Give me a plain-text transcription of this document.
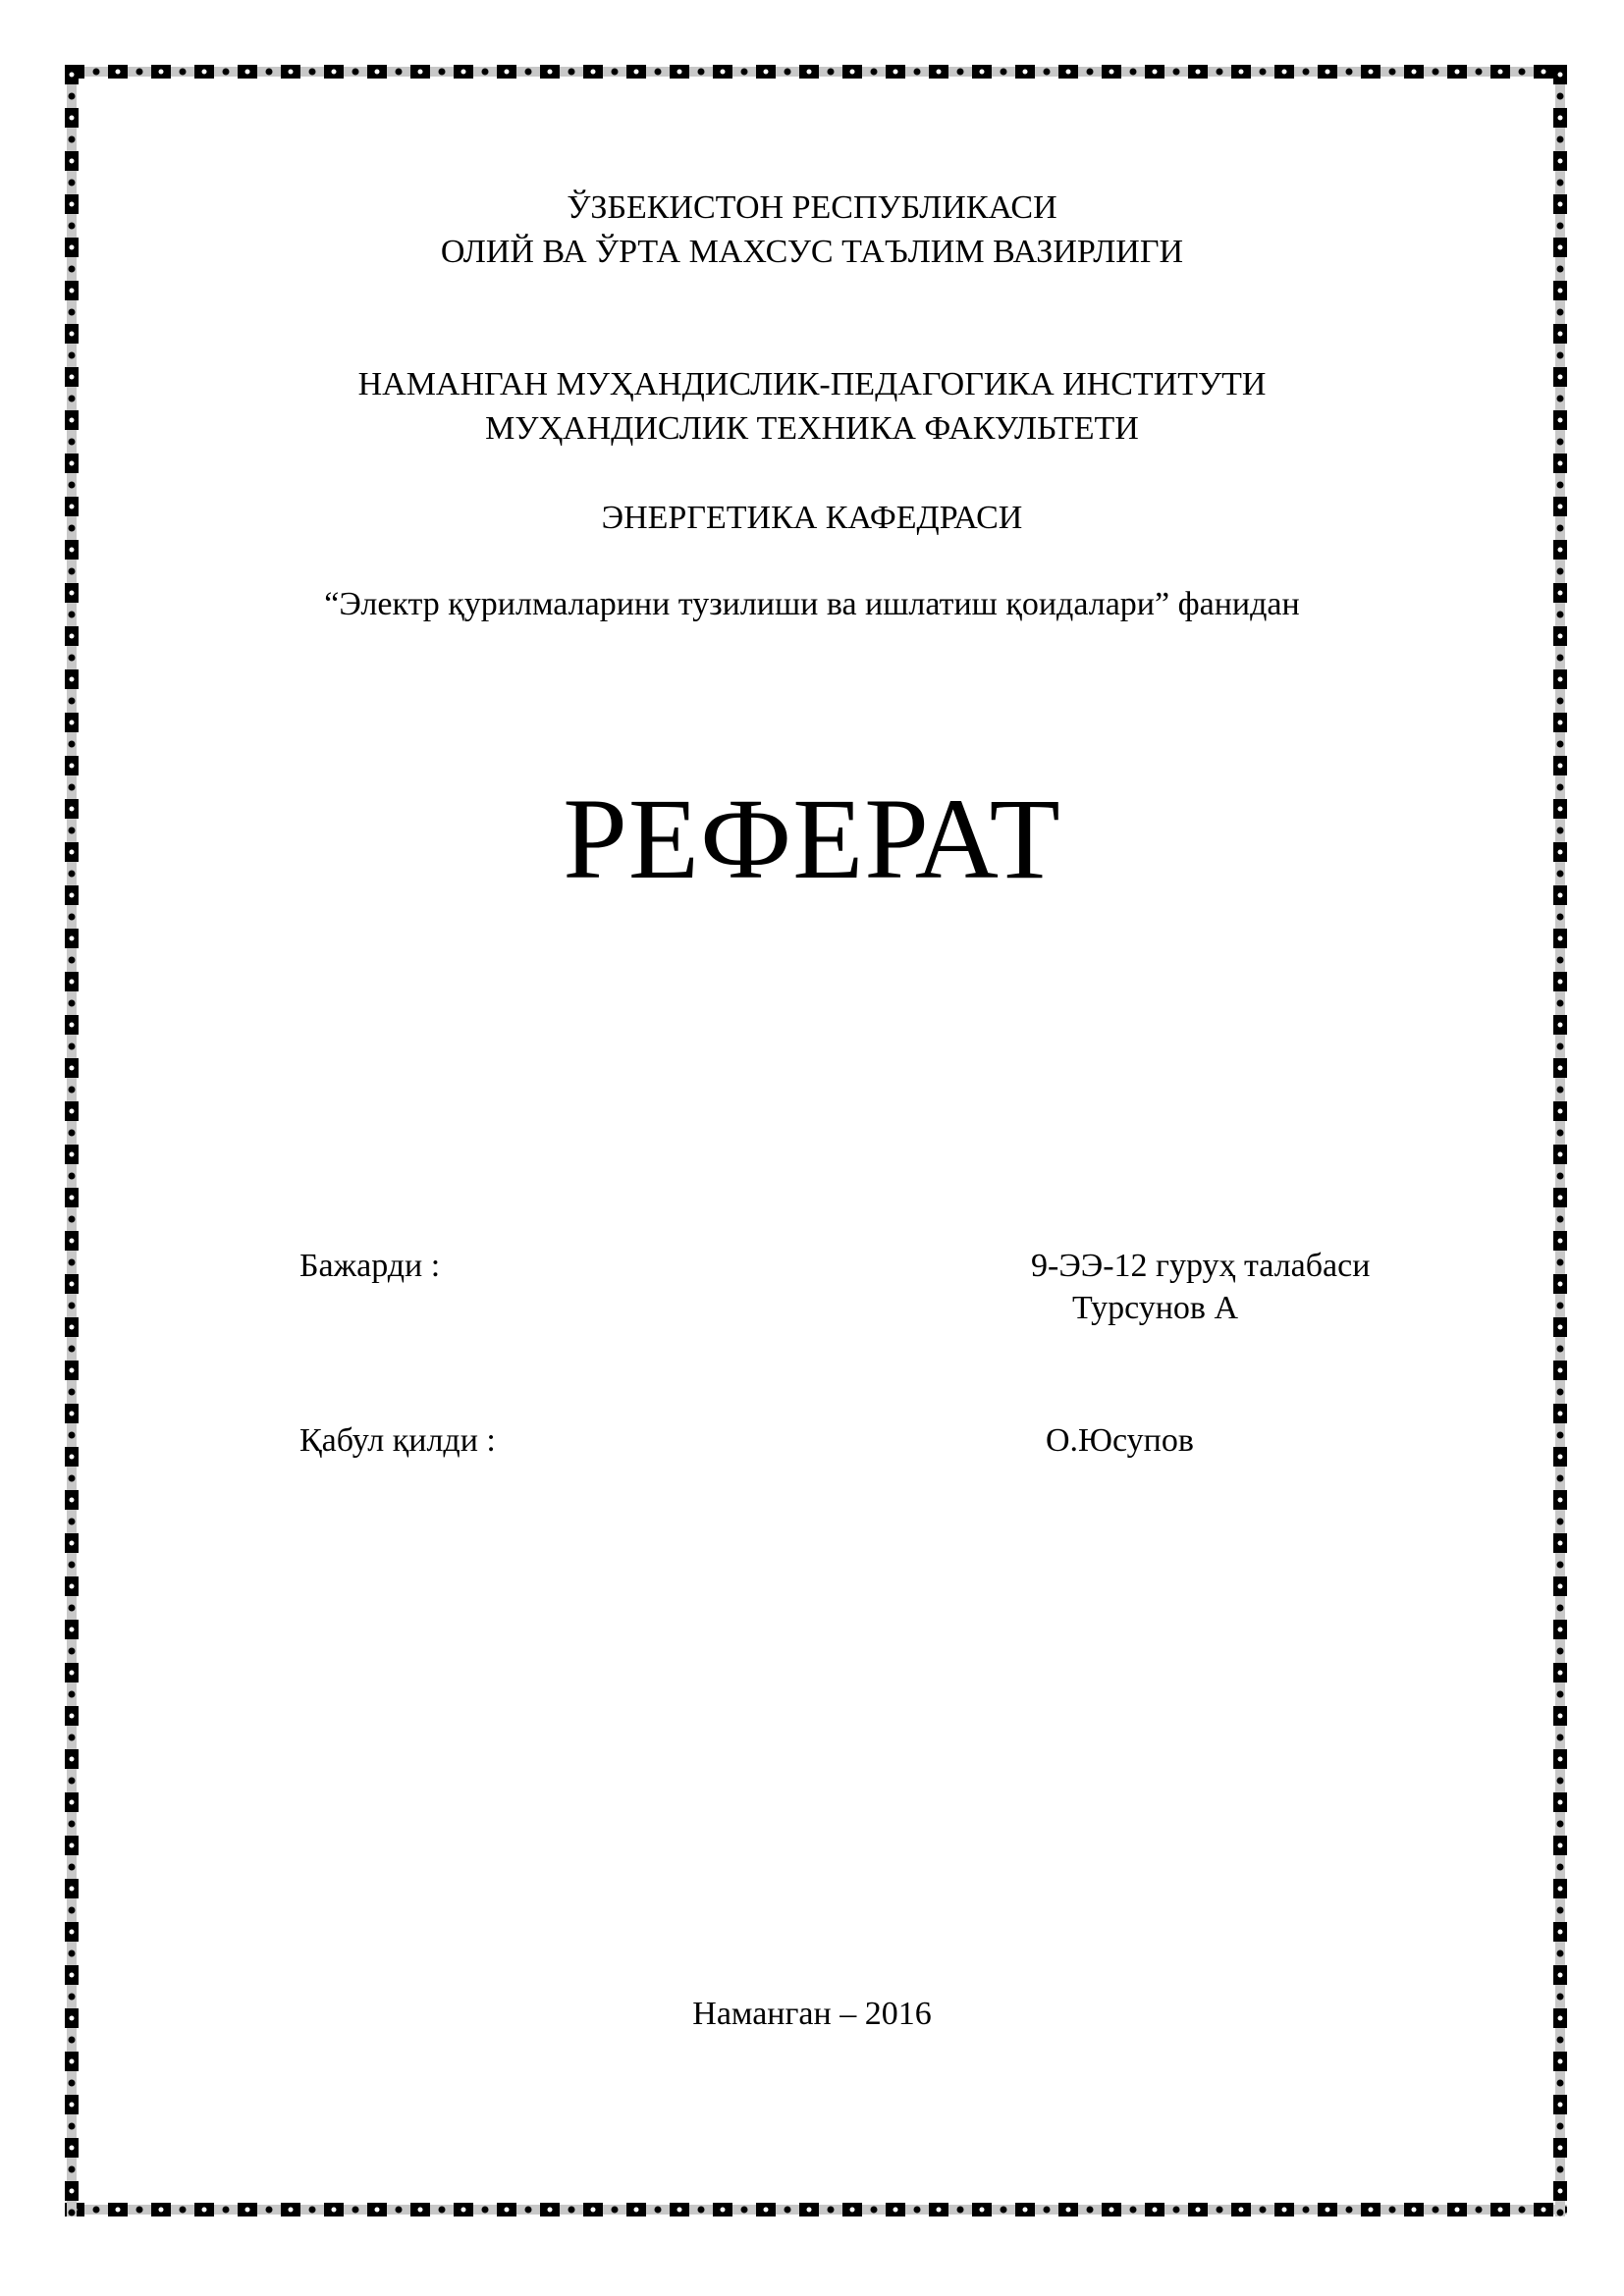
ЎЗБЕКИСТОН РЕСПУБЛИКАСИ
ОЛИЙ ВА ЎРТА МАХСУС ТАЪЛИМ ВАЗИРЛИГИ
НАМАНГАН МУҲАНДИСЛИК-ПЕДАГОГИКА ИНСТИТУТИ
МУҲАНДИСЛИК ТЕХНИКА ФАКУЛЬТЕТИ
ЭНЕРГЕТИКА КАФЕДРАСИ
“Электр қурилмаларини тузилиши ва ишлатиш қоидалари” фанидан
РЕФЕРАТ
Бажарди :	9-ЭЭ-12 гуруҳ талабаси
Турсунов А
Қабул қилди :	О.Юсупов
Наманган – 2016
